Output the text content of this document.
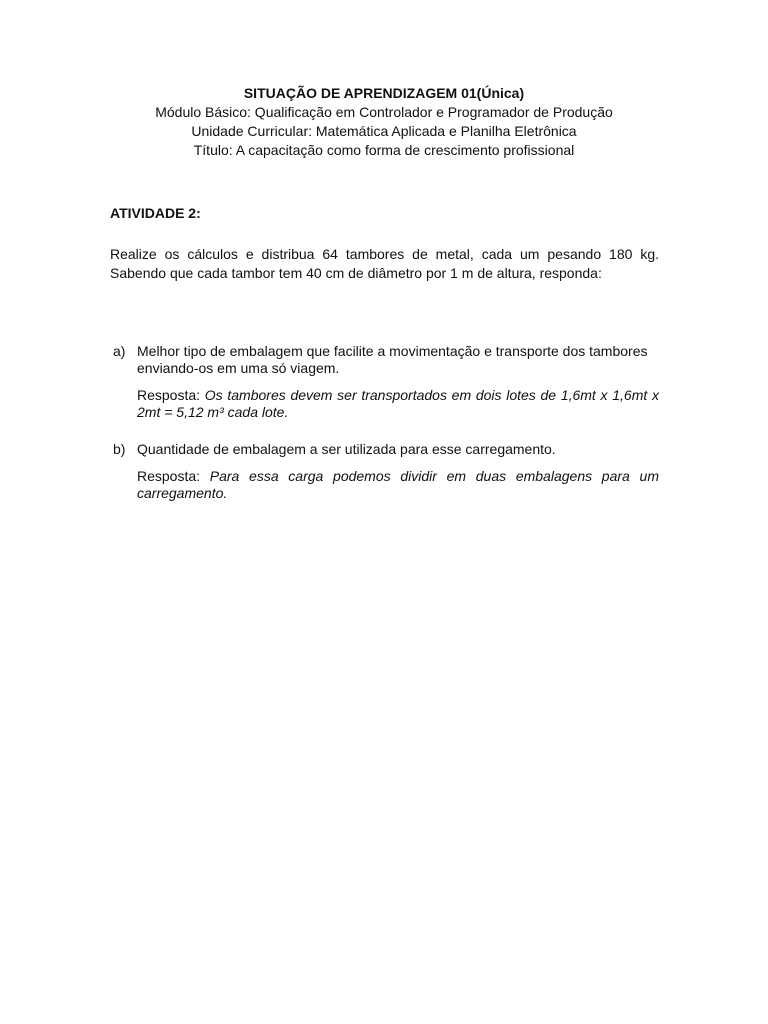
SITUAÇÃO DE APRENDIZAGEM 01(Única)
Módulo Básico: Qualificação em Controlador e Programador de Produção
Unidade Curricular: Matemática Aplicada e Planilha Eletrônica
Título: A capacitação como forma de crescimento profissional
ATIVIDADE 2:
Realize os cálculos e distribua 64 tambores de metal, cada um pesando 180 kg. Sabendo que cada tambor tem 40 cm de diâmetro por 1 m de altura, responda:
a) Melhor tipo de embalagem que facilite a movimentação e transporte dos tambores enviando-os em uma só viagem.
Resposta: Os tambores devem ser transportados em dois lotes de 1,6mt x 1,6mt x 2mt = 5,12 m³ cada lote.
b) Quantidade de embalagem a ser utilizada para esse carregamento.
Resposta: Para essa carga podemos dividir em duas embalagens para um carregamento.
